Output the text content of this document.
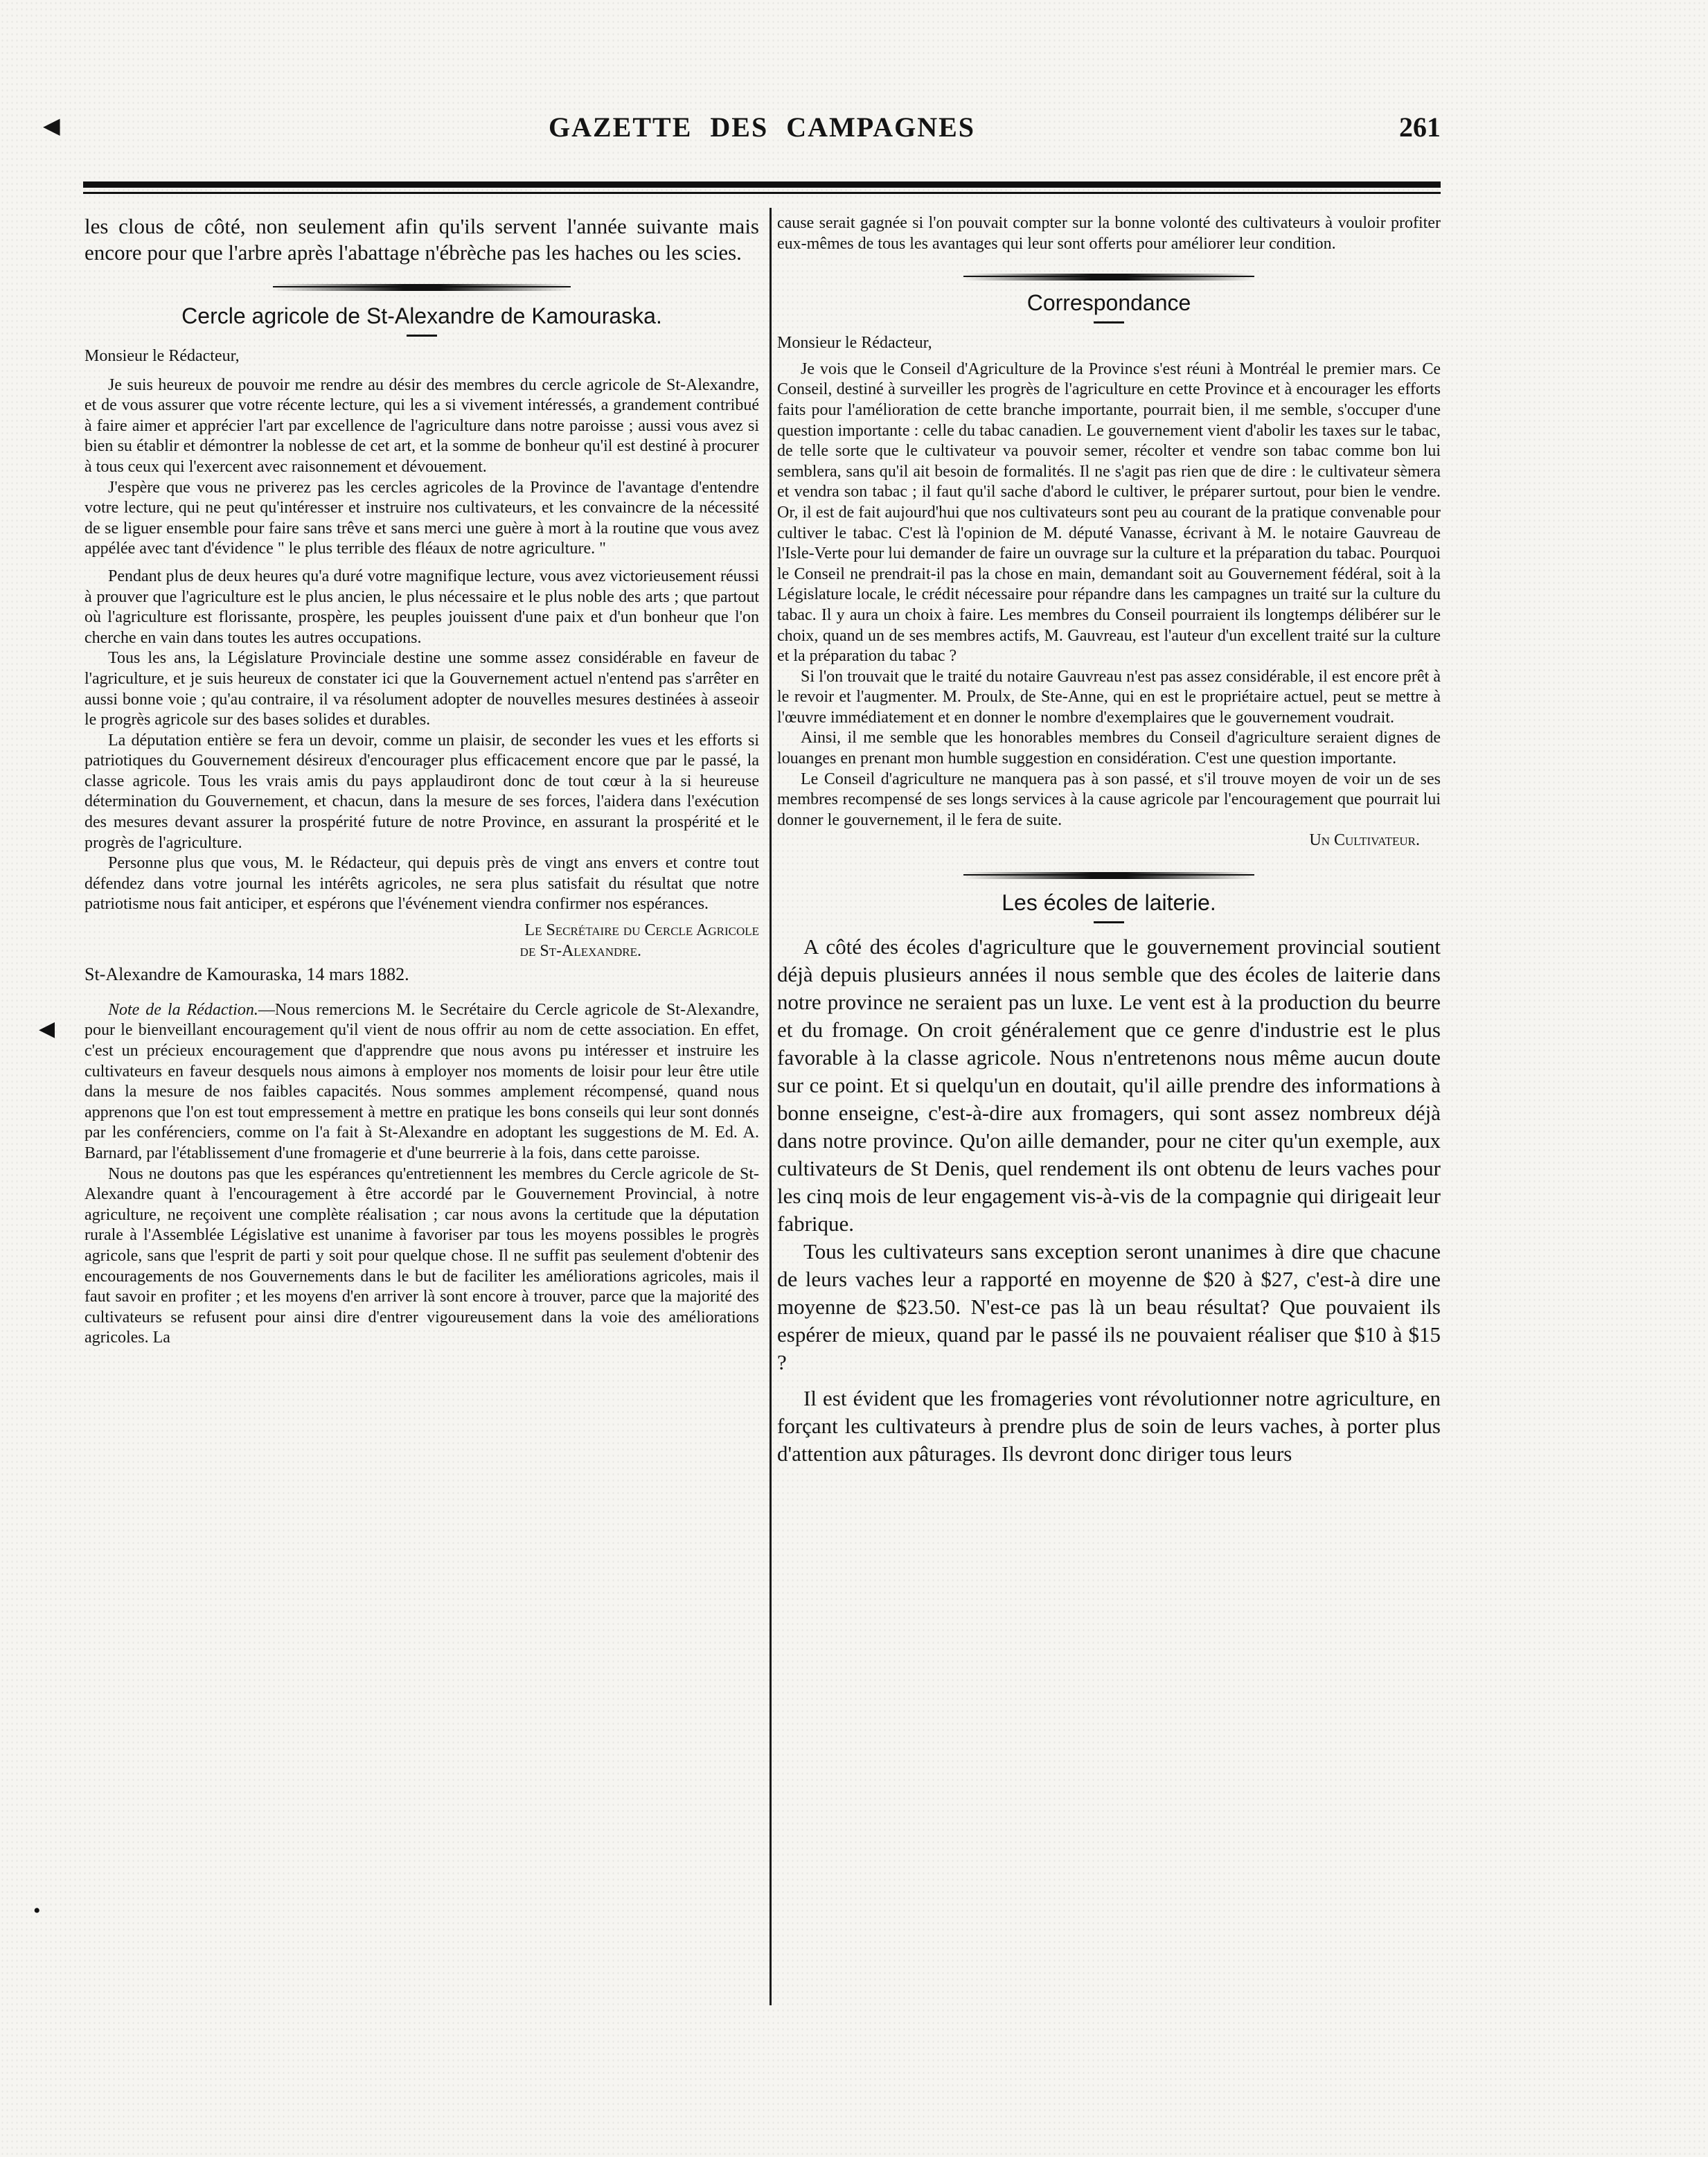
◀	GAZETTE DES CAMPAGNES	261
◀
•

les clous de côté, non seulement afin qu'ils servent l'année suivante mais encore pour que l'arbre après l'abattage n'ébrèche pas les haches ou les scies.

Cercle agricole de St-Alexandre de Kamouraska.

Monsieur le Rédacteur,

Je suis heureux de pouvoir me rendre au désir des membres du cercle agricole de St-Alexandre, et de vous assurer que votre récente lecture, qui les a si vivement intéressés, a grandement contribué à faire aimer et apprécier l'art par excellence de l'agriculture dans notre paroisse ; aussi vous avez si bien su établir et démontrer la noblesse de cet art, et la somme de bonheur qu'il est destiné à procurer à tous ceux qui l'exercent avec raisonnement et dévouement.

J'espère que vous ne priverez pas les cercles agricoles de la Province de l'avantage d'entendre votre lecture, qui ne peut qu'intéresser et instruire nos cultivateurs, et les convaincre de la nécessité de se liguer ensemble pour faire sans trêve et sans merci une guère à mort à la routine que vous avez appélée avec tant d'évidence " le plus terrible des fléaux de notre agriculture. "

Pendant plus de deux heures qu'a duré votre magnifique lecture, vous avez victorieusement réussi à prouver que l'agriculture est le plus ancien, le plus nécessaire et le plus noble des arts ; que partout où l'agriculture est florissante, prospère, les peuples jouissent d'une paix et d'un bonheur que l'on cherche en vain dans toutes les autres occupations.

Tous les ans, la Législature Provinciale destine une somme assez considérable en faveur de l'agriculture, et je suis heureux de constater ici que la Gouvernement actuel n'entend pas s'arrêter en aussi bonne voie ; qu'au contraire, il va résolument adopter de nouvelles mesures destinées à asseoir le progrès agricole sur des bases solides et durables.

La députation entière se fera un devoir, comme un plaisir, de seconder les vues et les efforts si patriotiques du Gouvernement désireux d'encourager plus efficacement encore que par le passé, la classe agricole. Tous les vrais amis du pays applaudiront donc de tout cœur à la si heureuse détermination du Gouvernement, et chacun, dans la mesure de ses forces, l'aidera dans l'exécution des mesures devant assurer la prospérité future de notre Province, en assurant la prospérité et le progrès de l'agriculture.

Personne plus que vous, M. le Rédacteur, qui depuis près de vingt ans envers et contre tout défendez dans votre journal les intérêts agricoles, ne sera plus satisfait du résultat que notre patriotisme nous fait anticiper, et espérons que l'événement viendra confirmer nos espérances.

Le Secrétaire du Cercle Agricole

de St-Alexandre.

St-Alexandre de Kamouraska, 14 mars 1882.

Note de la Rédaction.—Nous remercions M. le Secrétaire du Cercle agricole de St-Alexandre, pour le bienveillant encouragement qu'il vient de nous offrir au nom de cette association. En effet, c'est un précieux encouragement que d'apprendre que nous avons pu intéresser et instruire les cultivateurs en faveur desquels nous aimons à employer nos moments de loisir pour leur être utile dans la mesure de nos faibles capacités. Nous sommes amplement récompensé, quand nous apprenons que l'on est tout empressement à mettre en pratique les bons conseils qui leur sont donnés par les conférenciers, comme on l'a fait à St-Alexandre en adoptant les suggestions de M. Ed. A. Barnard, par l'établissement d'une fromagerie et d'une beurrerie à la fois, dans cette paroisse.

Nous ne doutons pas que les espérances qu'entretiennent les membres du Cercle agricole de St-Alexandre quant à l'encouragement à être accordé par le Gouvernement Provincial, à notre agriculture, ne reçoivent une complète réalisation ; car nous avons la certitude que la députation rurale à l'Assemblée Législative est unanime à favoriser par tous les moyens possibles le progrès agricole, sans que l'esprit de parti y soit pour quelque chose. Il ne suffit pas seulement d'obtenir des encouragements de nos Gouvernements dans le but de faciliter les améliorations agricoles, mais il faut savoir en profiter ; et les moyens d'en arriver là sont encore à trouver, parce que la majorité des cultivateurs se refusent pour ainsi dire d'entrer vigoureusement dans la voie des améliorations agricoles. La

cause serait gagnée si l'on pouvait compter sur la bonne volonté des cultivateurs à vouloir profiter eux-mêmes de tous les avantages qui leur sont offerts pour améliorer leur condition.

Correspondance

Monsieur le Rédacteur,

Je vois que le Conseil d'Agriculture de la Province s'est réuni à Montréal le premier mars. Ce Conseil, destiné à surveiller les progrès de l'agriculture en cette Province et à encourager les efforts faits pour l'amélioration de cette branche importante, pourrait bien, il me semble, s'occuper d'une question importante : celle du tabac canadien. Le gouvernement vient d'abolir les taxes sur le tabac, de telle sorte que le cultivateur va pouvoir semer, récolter et vendre son tabac comme bon lui semblera, sans qu'il ait besoin de formalités. Il ne s'agit pas rien que de dire : le cultivateur sèmera et vendra son tabac ; il faut qu'il sache d'abord le cultiver, le préparer surtout, pour bien le vendre. Or, il est de fait aujourd'hui que nos cultivateurs sont peu au courant de la pratique convenable pour cultiver le tabac. C'est là l'opinion de M. député Vanasse, écrivant à M. le notaire Gauvreau de l'Isle-Verte pour lui demander de faire un ouvrage sur la culture et la préparation du tabac. Pourquoi le Conseil ne prendrait-il pas la chose en main, demandant soit au Gouvernement fédéral, soit à la Législature locale, le crédit nécessaire pour répandre dans les campagnes un traité sur la culture du tabac. Il y aura un choix à faire. Les membres du Conseil pourraient ils longtemps délibérer sur le choix, quand un de ses membres actifs, M. Gauvreau, est l'auteur d'un excellent traité sur la culture et la préparation du tabac ?

Si l'on trouvait que le traité du notaire Gauvreau n'est pas assez considérable, il est encore prêt à le revoir et l'augmenter. M. Proulx, de Ste-Anne, qui en est le propriétaire actuel, peut se mettre à l'œuvre immédiatement et en donner le nombre d'exemplaires que le gouvernement voudrait.

Ainsi, il me semble que les honorables membres du Conseil d'agriculture seraient dignes de louanges en prenant mon humble suggestion en considération. C'est une question importante.

Le Conseil d'agriculture ne manquera pas à son passé, et s'il trouve moyen de voir un de ses membres recompensé de ses longs services à la cause agricole par l'encouragement que pourrait lui donner le gouvernement, il le fera de suite.

Un Cultivateur.

Les écoles de laiterie.

A côté des écoles d'agriculture que le gouvernement provincial soutient déjà depuis plusieurs années il nous semble que des écoles de laiterie dans notre province ne seraient pas un luxe. Le vent est à la production du beurre et du fromage. On croit généralement que ce genre d'industrie est le plus favorable à la classe agricole. Nous n'entretenons nous même aucun doute sur ce point. Et si quelqu'un en doutait, qu'il aille prendre des informations à bonne enseigne, c'est-à-dire aux fromagers, qui sont assez nombreux déjà dans notre province. Qu'on aille demander, pour ne citer qu'un exemple, aux cultivateurs de St Denis, quel rendement ils ont obtenu de leurs vaches pour les cinq mois de leur engagement vis-à-vis de la compagnie qui dirigeait leur fabrique.

Tous les cultivateurs sans exception seront unanimes à dire que chacune de leurs vaches leur a rapporté en moyenne de $20 à $27, c'est-à dire une moyenne de $23.50. N'est-ce pas là un beau résultat? Que pouvaient ils espérer de mieux, quand par le passé ils ne pouvaient réaliser que $10 à $15 ?

Il est évident que les fromageries vont révolutionner notre agriculture, en forçant les cultivateurs à prendre plus de soin de leurs vaches, à porter plus d'attention aux pâturages. Ils devront donc diriger tous leurs
